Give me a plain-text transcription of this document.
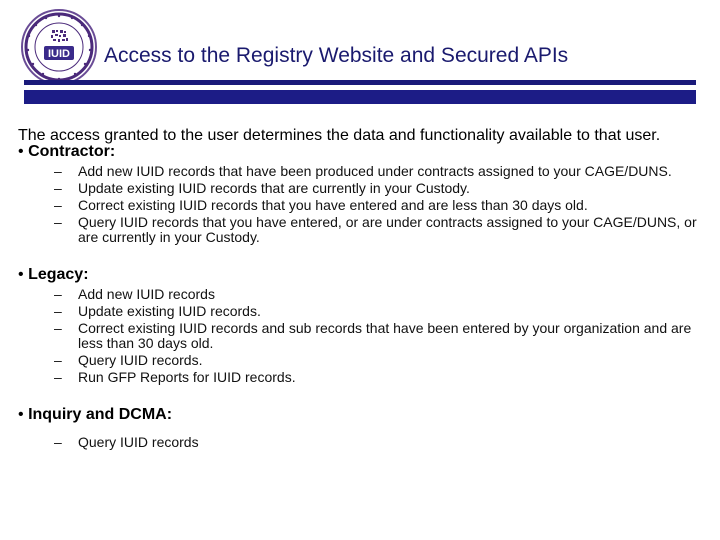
IUID Access to the Registry Website and Secured APIs

The access granted to the user determines the data and functionality available to that user.

• Contractor:

– Add new IUID records that have been produced under contracts assigned to your CAGE/DUNS.
– Update existing IUID records that are currently in your Custody.
– Correct existing IUID records that you have entered and are less than 30 days old.
– Query IUID records that you have entered, or are under contracts assigned to your CAGE/DUNS, or are currently in your Custody.

• Legacy:

– Add new IUID records
– Update existing IUID records.
– Correct existing IUID records and sub records that have been entered by your organization and are less than 30 days old.
– Query IUID records.
– Run GFP Reports for IUID records.

• Inquiry and DCMA:

– Query IUID records
